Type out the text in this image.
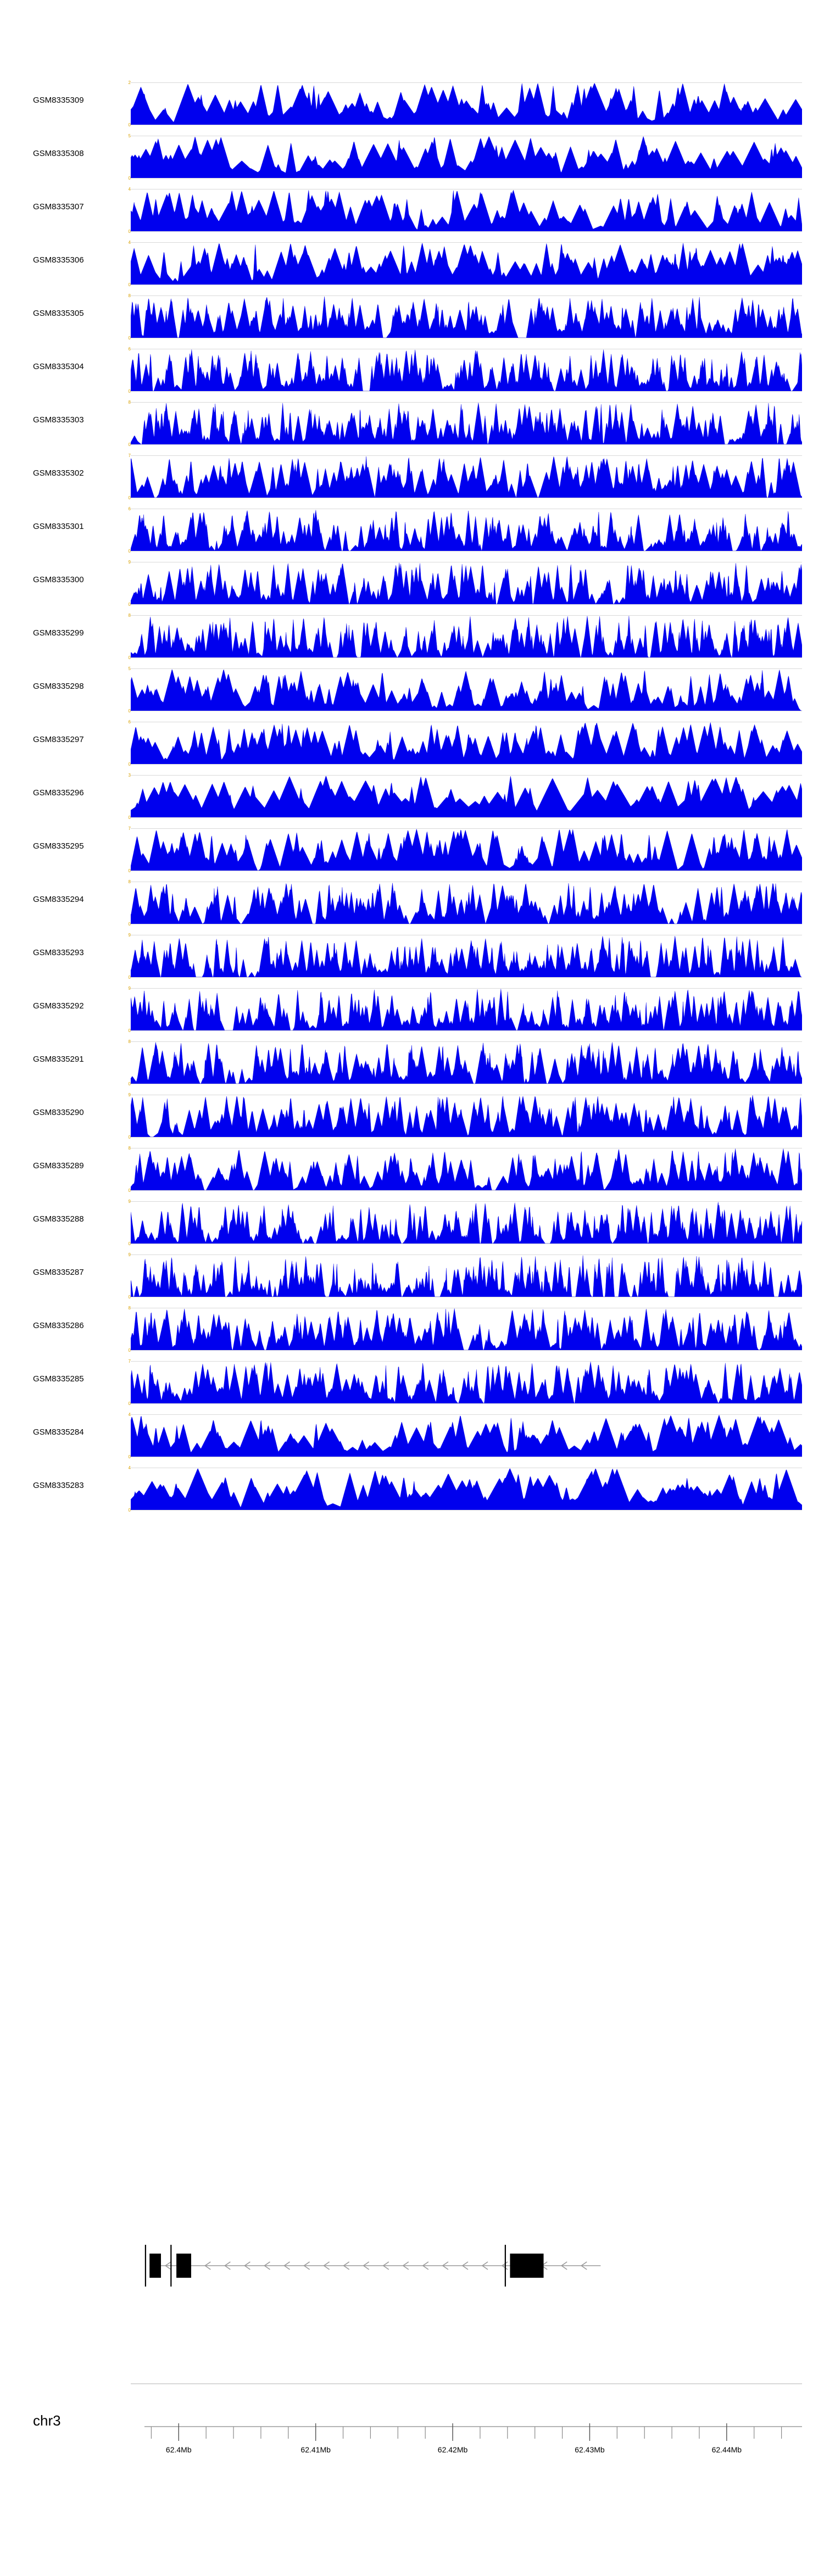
GSM8335309
2
0
GSM8335308
5
0
GSM8335307
4
0
GSM8335306
4
0
GSM8335305
8
0
GSM8335304
6
0
GSM8335303
8
0
GSM8335302
7
0
GSM8335301
6
0
GSM8335300
9
0
GSM8335299
8
0
GSM8335298
5
0
GSM8335297
6
0
GSM8335296
3
0
GSM8335295
7
0
GSM8335294
8
0
GSM8335293
9
0
GSM8335292
9
0
GSM8335291
8
0
GSM8335290
9
0
GSM8335289
8
0
GSM8335288
9
0
GSM8335287
9
0
GSM8335286
8
0
GSM8335285
7
0
GSM8335284
4
0
GSM8335283
4
0
chr3
62.4Mb	62.41Mb	62.42Mb	62.43Mb	62.44Mb
